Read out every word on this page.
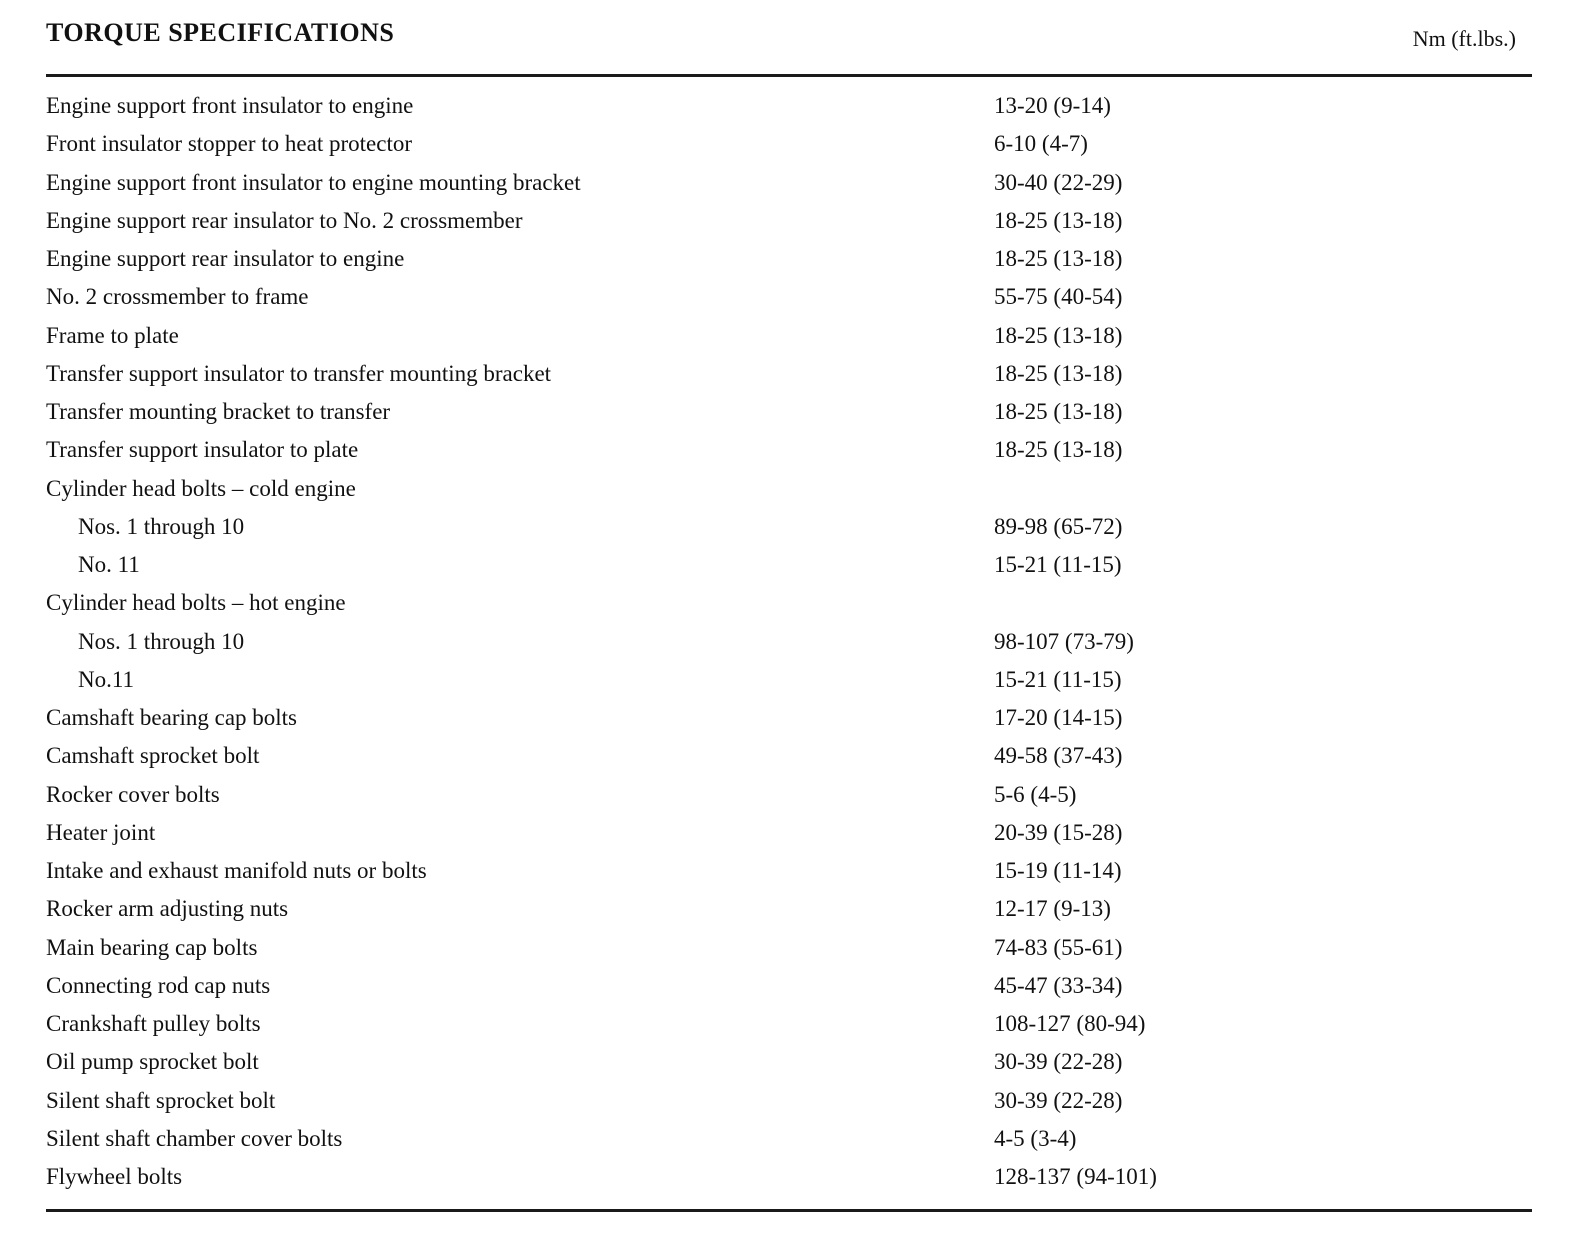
TORQUE SPECIFICATIONS	Nm (ft.lbs.)
Engine support front insulator to engine	13-20 (9-14)
Front insulator stopper to heat protector	6-10 (4-7)
Engine support front insulator to engine mounting bracket	30-40 (22-29)
Engine support rear insulator to No. 2 crossmember	18-25 (13-18)
Engine support rear insulator to engine	18-25 (13-18)
No. 2 crossmember to frame	55-75 (40-54)
Frame to plate	18-25 (13-18)
Transfer support insulator to transfer mounting bracket	18-25 (13-18)
Transfer mounting bracket to transfer	18-25 (13-18)
Transfer support insulator to plate	18-25 (13-18)
Cylinder head bolts – cold engine
Nos. 1 through 10	89-98 (65-72)
No. 11	15-21 (11-15)
Cylinder head bolts – hot engine
Nos. 1 through 10	98-107 (73-79)
No.11	15-21 (11-15)
Camshaft bearing cap bolts	17-20 (14-15)
Camshaft sprocket bolt	49-58 (37-43)
Rocker cover bolts	5-6 (4-5)
Heater joint	20-39 (15-28)
Intake and exhaust manifold nuts or bolts	15-19 (11-14)
Rocker arm adjusting nuts	12-17 (9-13)
Main bearing cap bolts	74-83 (55-61)
Connecting rod cap nuts	45-47 (33-34)
Crankshaft pulley bolts	108-127 (80-94)
Oil pump sprocket bolt	30-39 (22-28)
Silent shaft sprocket bolt	30-39 (22-28)
Silent shaft chamber cover bolts	4-5 (3-4)
Flywheel bolts	128-137 (94-101)
